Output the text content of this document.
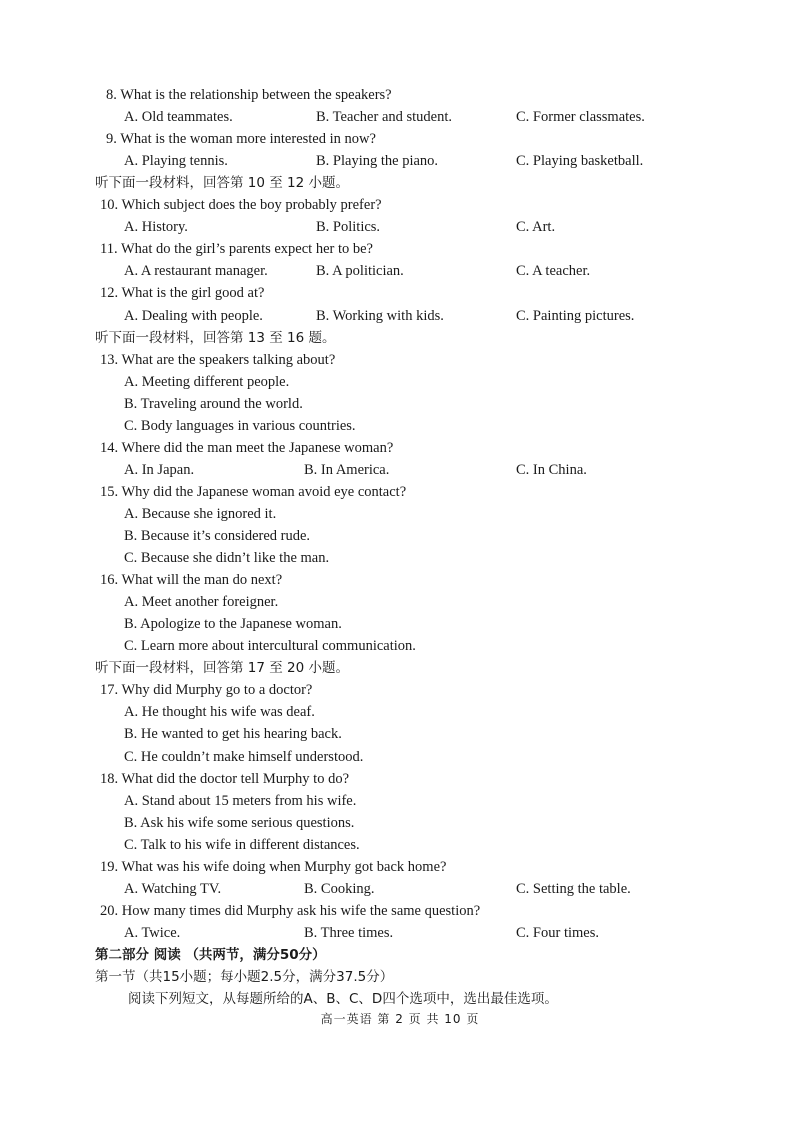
8. What is the relationship between the speakers?
A. Old teammates.	B. Teacher and student.	C. Former classmates.
9. What is the woman more interested in now?
A. Playing tennis.	B. Playing the piano.	C. Playing basketball.
听下面一段材料，回答第 10 至 12 小题。
10. Which subject does the boy probably prefer?
A. History.	B. Politics.	C. Art.
11. What do the girl’s parents expect her to be?
A. A restaurant manager.	B. A politician.	C. A teacher.
12. What is the girl good at?
A. Dealing with people.	B. Working with kids.	C. Painting pictures.
听下面一段材料，回答第 13 至 16 题。
13. What are the speakers talking about?
A. Meeting different people.
B. Traveling around the world.
C. Body languages in various countries.
14. Where did the man meet the Japanese woman?
A. In Japan.	B. In America.	C. In China.
15. Why did the Japanese woman avoid eye contact?
A. Because she ignored it.
B. Because it’s considered rude.
C. Because she didn’t like the man.
16. What will the man do next?
A. Meet another foreigner.
B. Apologize to the Japanese woman.
C. Learn more about intercultural communication.
听下面一段材料，回答第 17 至 20 小题。
17. Why did Murphy go to a doctor?
A. He thought his wife was deaf.
B. He wanted to get his hearing back.
C. He couldn’t make himself understood.
18. What did the doctor tell Murphy to do?
A. Stand about 15 meters from his wife.
B. Ask his wife some serious questions.
C. Talk to his wife in different distances.
19. What was his wife doing when Murphy got back home?
A. Watching TV.	B. Cooking.	C. Setting the table.
20. How many times did Murphy ask his wife the same question?
A. Twice.	B. Three times.	C. Four times.
第二部分 阅读 （共两节，满分50分）
第一节（共15小题；每小题2.5分，满分37.5分）
阅读下列短文，从每题所给的A、B、C、D四个选项中，选出最佳选项。
高一英语 第 2 页 共 10 页
